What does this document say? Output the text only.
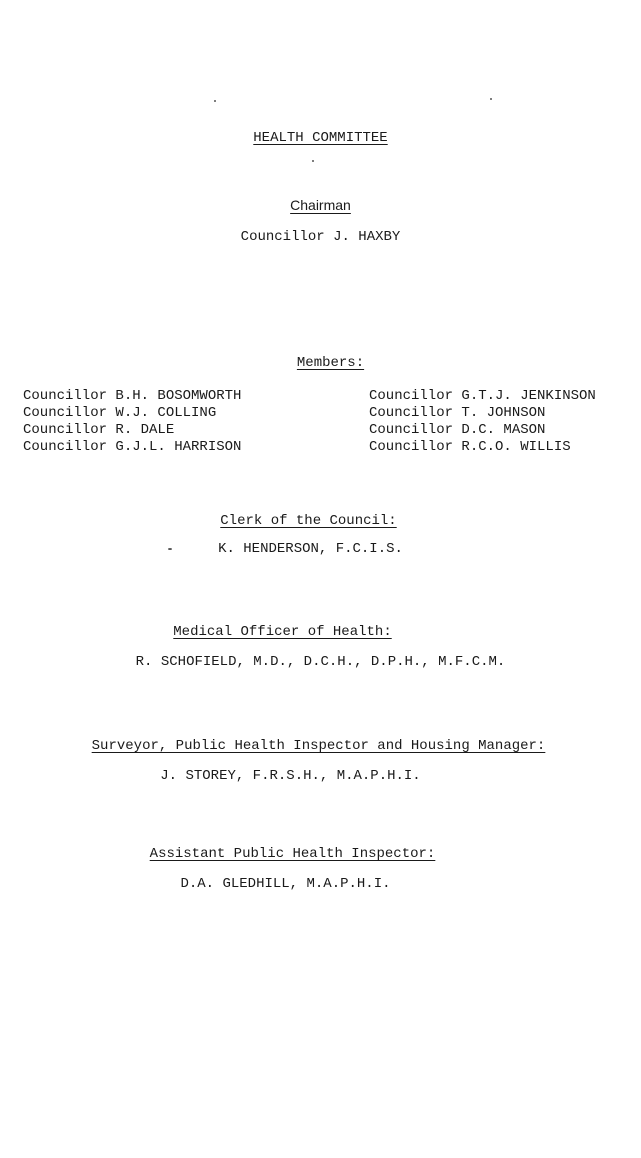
HEALTH COMMITTEE
Chairman
Councillor J. HAXBY
Members:
Councillor B.H. BOSOMWORTH
Councillor W.J. COLLING
Councillor R. DALE
Councillor G.J.L. HARRISON
Councillor G.T.J. JENKINSON
Councillor T. JOHNSON
Councillor D.C. MASON
Councillor R.C.O. WILLIS
Clerk of the Council:
K. HENDERSON, F.C.I.S.
Medical Officer of Health:
R. SCHOFIELD, M.D., D.C.H., D.P.H., M.F.C.M.
Surveyor, Public Health Inspector and Housing Manager:
J. STOREY, F.R.S.H., M.A.P.H.I.
Assistant Public Health Inspector:
D.A. GLEDHILL, M.A.P.H.I.
